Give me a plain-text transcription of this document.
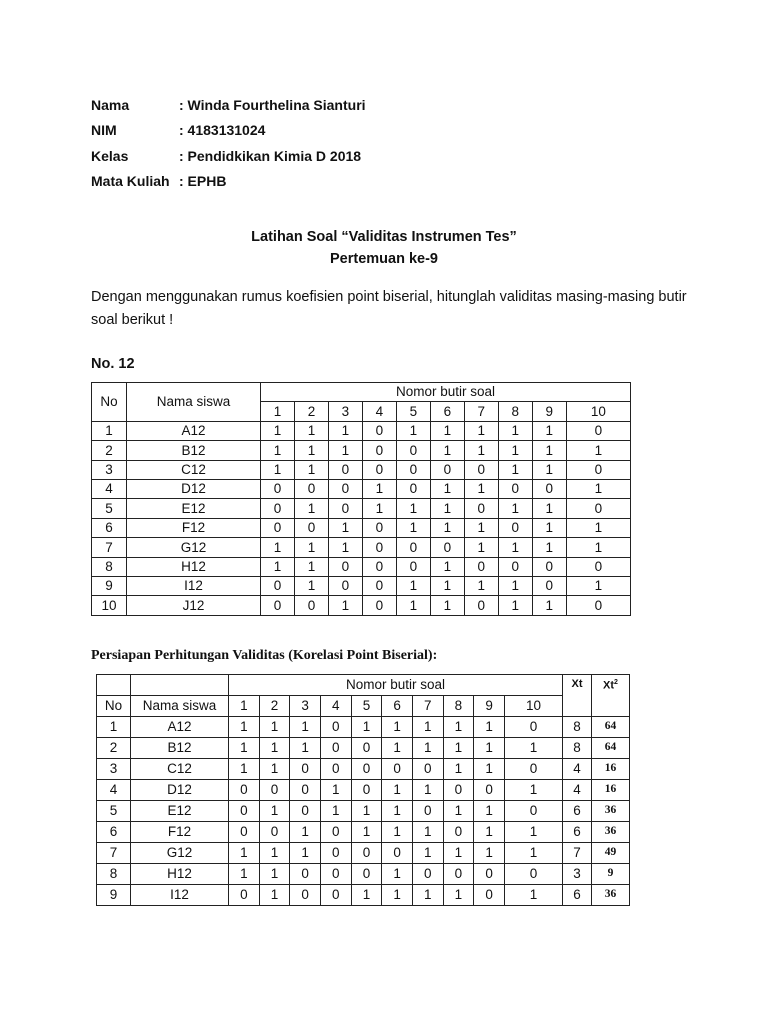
Nama	: Winda Fourthelina Sianturi
NIM	: 4183131024
Kelas	: Pendidkikan Kimia D 2018
Mata Kuliah : EPHB
Latihan Soal “Validitas Instrumen Tes”
Pertemuan ke-9
Dengan menggunakan rumus koefisien point biserial, hitunglah validitas masing-masing butir soal berikut !
No. 12
No	Nama siswa	Nomor butir soal									
		1	2	3	4	5	6	7	8	9	10
1	A12	1	1	1	0	1	1	1	1	1	0
2	B12	1	1	1	0	0	1	1	1	1	1
3	C12	1	1	0	0	0	0	0	1	1	0
4	D12	0	0	0	1	0	1	1	0	0	1
5	E12	0	1	0	1	1	1	0	1	1	0
6	F12	0	0	1	0	1	1	1	0	1	1
7	G12	1	1	1	0	0	0	1	1	1	1
8	H12	1	1	0	0	0	1	0	0	0	0
9	I12	0	1	0	0	1	1	1	1	0	1
10	J12	0	0	1	0	1	1	0	1	1	0
Persiapan Perhitungan Validitas (Korelasi Point Biserial):
		Nomor butir soal										Xt	Xt$^2$
No	Nama siswa	1	2	3	4	5	6	7	8	9	10		
1	A12	1	1	1	0	1	1	1	1	1	0	8	64
2	B12	1	1	1	0	0	1	1	1	1	1	8	64
3	C12	1	1	0	0	0	0	0	1	1	0	4	16
4	D12	0	0	0	1	0	1	1	0	0	1	4	16
5	E12	0	1	0	1	1	1	0	1	1	0	6	36
6	F12	0	0	1	0	1	1	1	0	1	1	6	36
7	G12	1	1	1	0	0	0	1	1	1	1	7	49
8	H12	1	1	0	0	0	1	0	0	0	0	3	9
9	I12	0	1	0	0	1	1	1	1	0	1	6	36
